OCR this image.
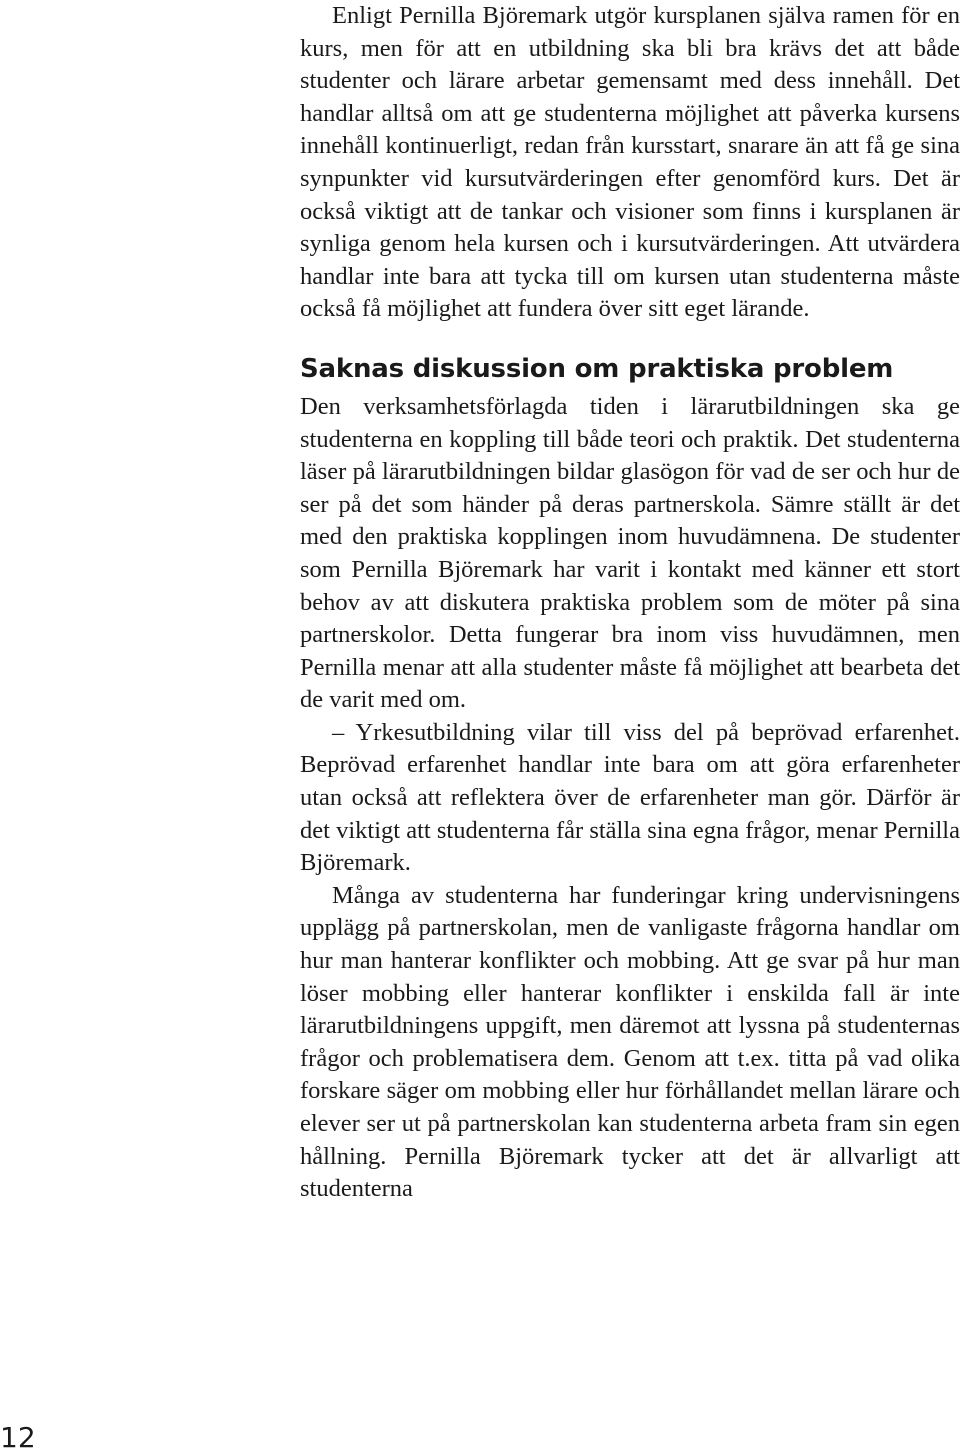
Enligt Pernilla Björemark utgör kursplanen själva ramen för en kurs, men för att en utbildning ska bli bra krävs det att både studenter och lärare arbetar gemensamt med dess innehåll. Det handlar alltså om att ge studenterna möjlighet att påverka kursens innehåll kontinuerligt, redan från kursstart, snarare än att få ge sina synpunkter vid kursutvärderingen efter genomförd kurs. Det är också viktigt att de tankar och visioner som finns i kursplanen är synliga genom hela kursen och i kursutvärderingen. Att utvärdera handlar inte bara att tycka till om kursen utan studenterna måste också få möjlighet att fundera över sitt eget lärande.

Saknas diskussion om praktiska problem

Den verksamhetsförlagda tiden i lärarutbildningen ska ge studenterna en koppling till både teori och praktik. Det studenterna läser på lärarutbildningen bildar glasögon för vad de ser och hur de ser på det som händer på deras partnerskola. Sämre ställt är det med den praktiska kopplingen inom huvudämnena. De studenter som Pernilla Björemark har varit i kontakt med känner ett stort behov av att diskutera praktiska problem som de möter på sina partnerskolor. Detta fungerar bra inom viss huvudämnen, men Pernilla menar att alla studenter måste få möjlighet att bearbeta det de varit med om.

– Yrkesutbildning vilar till viss del på beprövad erfarenhet. Beprövad erfarenhet handlar inte bara om att göra erfarenheter utan också att reflektera över de erfarenheter man gör. Därför är det viktigt att studenterna får ställa sina egna frågor, menar Pernilla Björemark.

Många av studenterna har funderingar kring undervisningens upplägg på partnerskolan, men de vanligaste frågorna handlar om hur man hanterar konflikter och mobbing. Att ge svar på hur man löser mobbing eller hanterar konflikter i enskilda fall är inte lärarutbildningens uppgift, men däremot att lyssna på studenternas frågor och problematisera dem. Genom att t.ex. titta på vad olika forskare säger om mobbing eller hur förhållandet mellan lärare och elever ser ut på partnerskolan kan studenterna arbeta fram sin egen hållning. Pernilla Björemark tycker att det är allvarligt att studenterna

12
